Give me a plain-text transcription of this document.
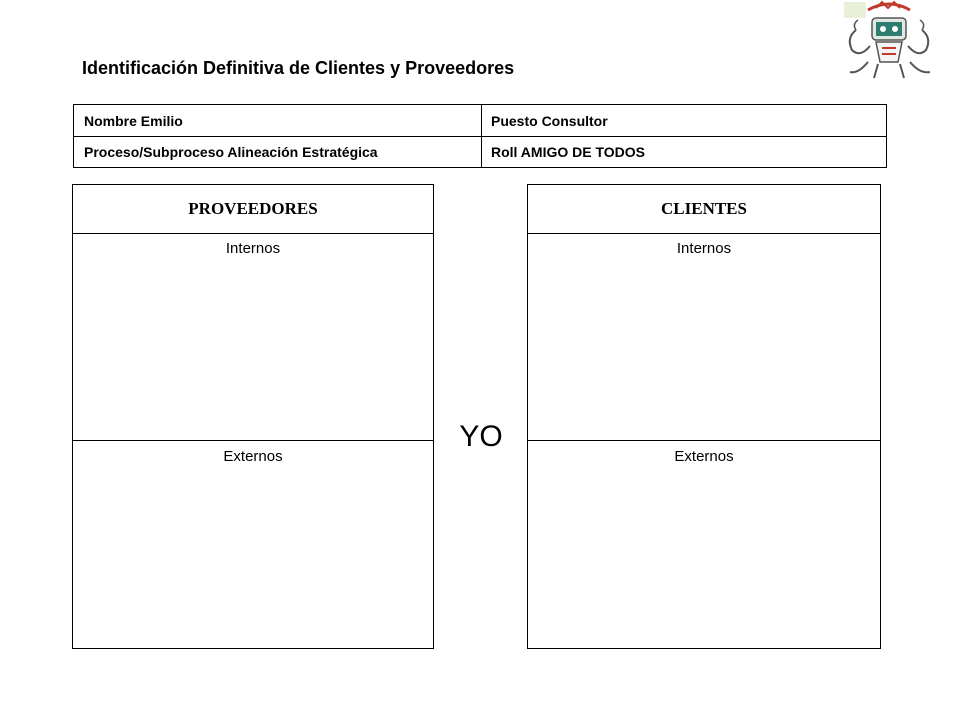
Identificación Definitiva de Clientes y Proveedores
Nombre Emilio	Puesto Consultor
Proceso/Subproceso Alineación Estratégica	Roll AMIGO DE TODOS
PROVEEDORES
Internos
Externos
CLIENTES
Internos
Externos
YO
